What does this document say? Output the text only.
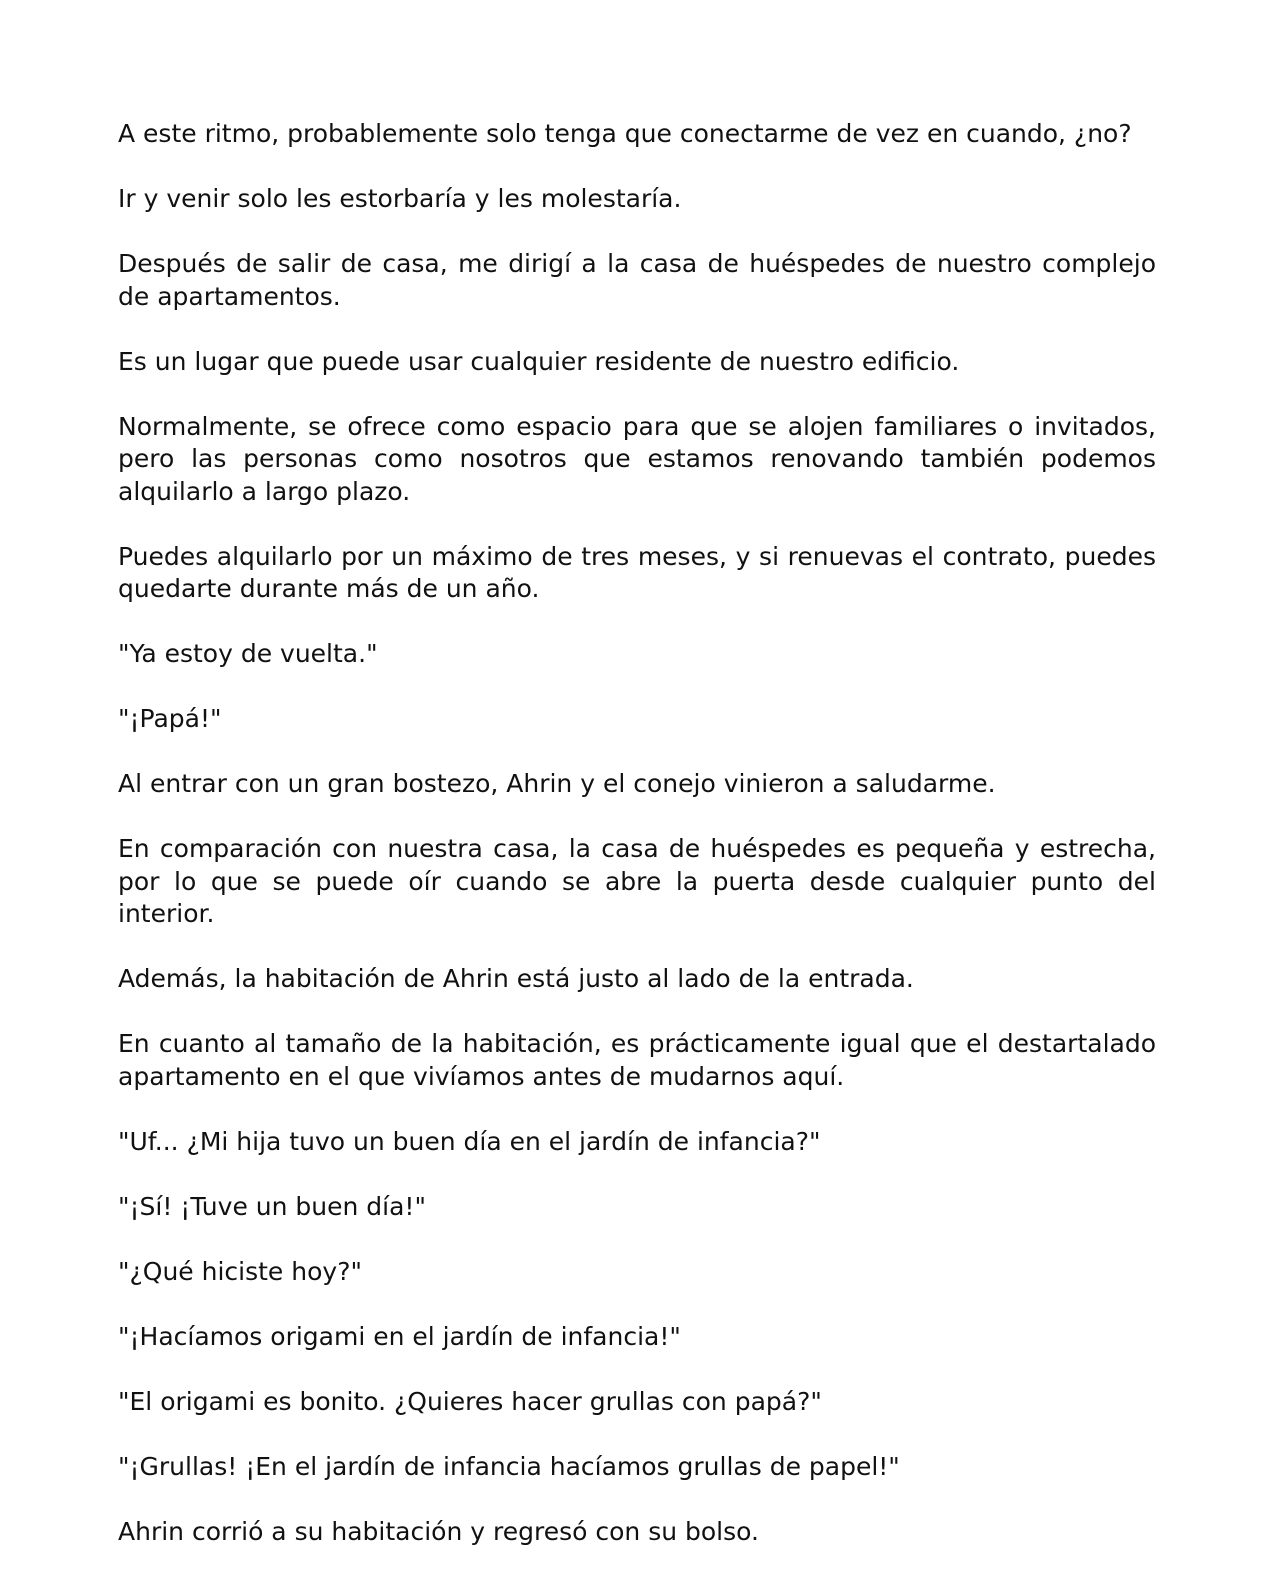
A este ritmo, probablemente solo tenga que conectarme de vez en cuando, ¿no?

Ir y venir solo les estorbaría y les molestaría.

Después de salir de casa, me dirigí a la casa de huéspedes de nuestro complejo de apartamentos.

Es un lugar que puede usar cualquier residente de nuestro edificio.

Normalmente, se ofrece como espacio para que se alojen familiares o invitados, pero las personas como nosotros que estamos renovando también podemos alquilarlo a largo plazo.

Puedes alquilarlo por un máximo de tres meses, y si renuevas el contrato, puedes quedarte durante más de un año.

"Ya estoy de vuelta."

"¡Papá!"

Al entrar con un gran bostezo, Ahrin y el conejo vinieron a saludarme.

En comparación con nuestra casa, la casa de huéspedes es pequeña y estrecha, por lo que se puede oír cuando se abre la puerta desde cualquier punto del interior.

Además, la habitación de Ahrin está justo al lado de la entrada.

En cuanto al tamaño de la habitación, es prácticamente igual que el destartalado apartamento en el que vivíamos antes de mudarnos aquí.

"Uf... ¿Mi hija tuvo un buen día en el jardín de infancia?"

"¡Sí! ¡Tuve un buen día!"

"¿Qué hiciste hoy?"

"¡Hacíamos origami en el jardín de infancia!"

"El origami es bonito. ¿Quieres hacer grullas con papá?"

"¡Grullas! ¡En el jardín de infancia hacíamos grullas de papel!"

Ahrin corrió a su habitación y regresó con su bolso.
